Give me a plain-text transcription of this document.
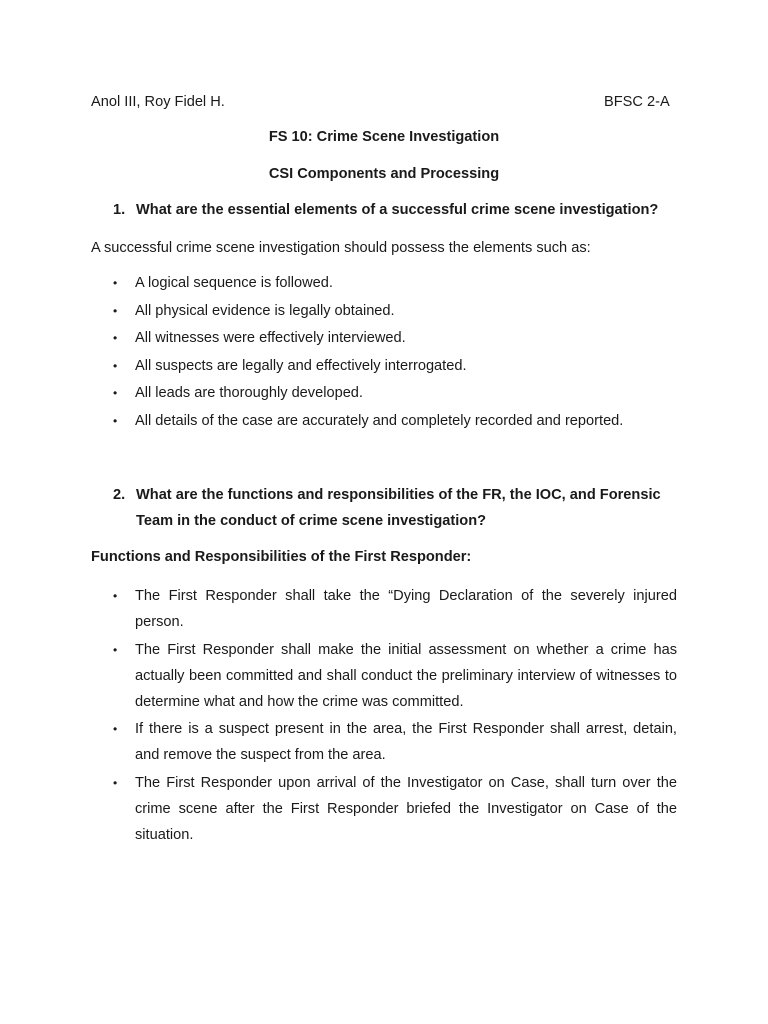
Anol III, Roy Fidel H.	BFSC 2-A
FS 10: Crime Scene Investigation
CSI Components and Processing
1. What are the essential elements of a successful crime scene investigation?
A successful crime scene investigation should possess the elements such as:
• A logical sequence is followed.
• All physical evidence is legally obtained.
• All witnesses were effectively interviewed.
• All suspects are legally and effectively interrogated.
• All leads are thoroughly developed.
• All details of the case are accurately and completely recorded and reported.
2. What are the functions and responsibilities of the FR, the IOC, and Forensic
Team in the conduct of crime scene investigation?
Functions and Responsibilities of the First Responder:
• The First Responder shall take the “Dying Declaration of the severely injured person.
• The First Responder shall make the initial assessment on whether a crime has actually been committed and shall conduct the preliminary interview of witnesses to determine what and how the crime was committed.
• If there is a suspect present in the area, the First Responder shall arrest, detain, and remove the suspect from the area.
• The First Responder upon arrival of the Investigator on Case, shall turn over the crime scene after the First Responder briefed the Investigator on Case of the situation.
